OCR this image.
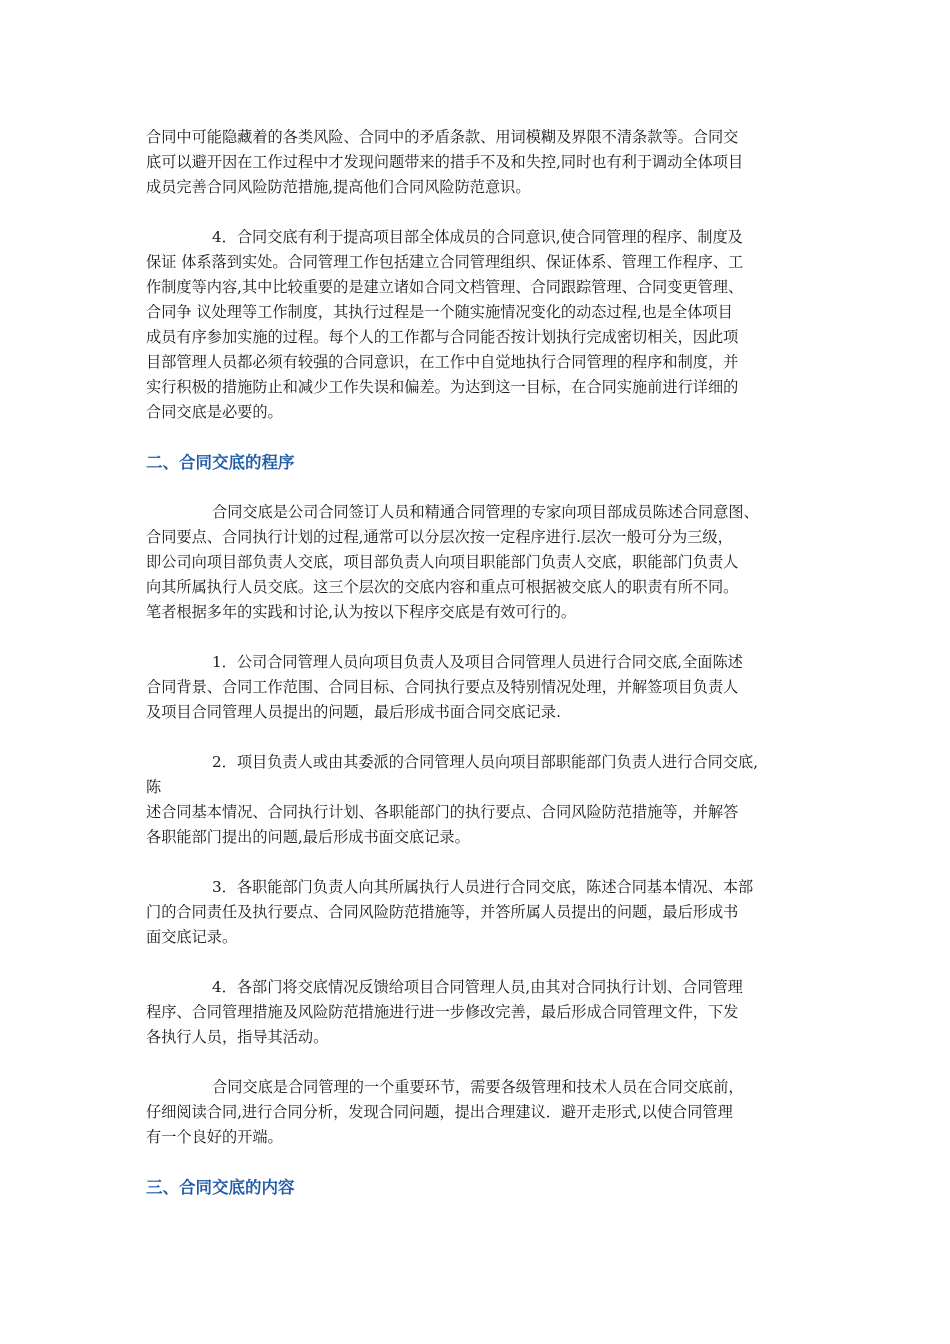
合同中可能隐藏着的各类风险、合同中的矛盾条款、用词模糊及界限不清条款等。合同交
底可以避开因在工作过程中才发现问题带来的措手不及和失控,同时也有利于调动全体项目
成员完善合同风险防范措施,提高他们合同风险防范意识。
4．合同交底有利于提高项目部全体成员的合同意识,使合同管理的程序、制度及
保证 体系落到实处。合同管理工作包括建立合同管理组织、保证体系、管理工作程序、工
作制度等内容,其中比较重要的是建立诸如合同文档管理、合同跟踪管理、合同变更管理、
合同争 议处理等工作制度，其执行过程是一个随实施情况变化的动态过程,也是全体项目
成员有序参加实施的过程。每个人的工作都与合同能否按计划执行完成密切相关，因此项
目部管理人员都必须有较强的合同意识，在工作中自觉地执行合同管理的程序和制度，并
实行积极的措施防止和减少工作失误和偏差。为达到这一目标，在合同实施前进行详细的
合同交底是必要的。
二、合同交底的程序
合同交底是公司合同签订人员和精通合同管理的专家向项目部成员陈述合同意图、
合同要点、合同执行计划的过程,通常可以分层次按一定程序进行.层次一般可分为三级，
即公司向项目部负责人交底，项目部负责人向项目职能部门负责人交底，职能部门负责人
向其所属执行人员交底。这三个层次的交底内容和重点可根据被交底人的职责有所不同。
笔者根据多年的实践和讨论,认为按以下程序交底是有效可行的。
1．公司合同管理人员向项目负责人及项目合同管理人员进行合同交底,全面陈述
合同背景、合同工作范围、合同目标、合同执行要点及特别情况处理，并解签项目负责人
及项目合同管理人员提出的问题，最后形成书面合同交底记录.
2．项目负责人或由其委派的合同管理人员向项目部职能部门负责人进行合同交底,
陈
述合同基本情况、合同执行计划、各职能部门的执行要点、合同风险防范措施等，并解答
各职能部门提出的问题,最后形成书面交底记录。
3．各职能部门负责人向其所属执行人员进行合同交底，陈述合同基本情况、本部
门的合同责任及执行要点、合同风险防范措施等，并答所属人员提出的问题，最后形成书
面交底记录。
4．各部门将交底情况反馈给项目合同管理人员,由其对合同执行计划、合同管理
程序、合同管理措施及风险防范措施进行进一步修改完善，最后形成合同管理文件，下发
各执行人员，指导其活动。
合同交底是合同管理的一个重要环节，需要各级管理和技术人员在合同交底前，
仔细阅读合同,进行合同分析，发现合同问题，提出合理建议．避开走形式,以使合同管理
有一个良好的开端。
三、合同交底的内容
